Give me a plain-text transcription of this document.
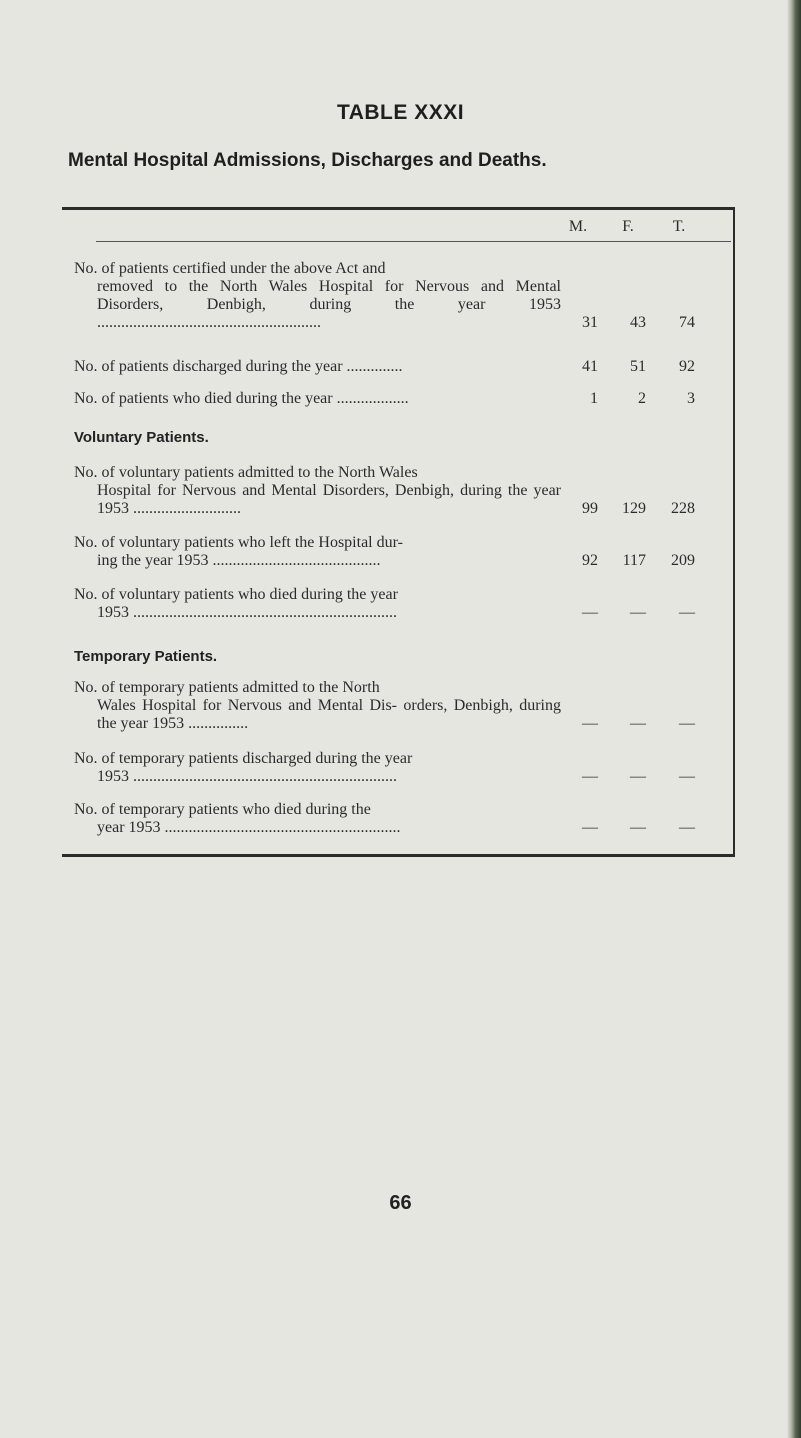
TABLE XXXI
Mental Hospital Admissions, Discharges and Deaths.
M.	F.	T.
No. of patients certified under the above Act and
removed to the North Wales Hospital for Nervous and Mental Disorders, Denbigh, during the year 1953 ........................................................	31	43	74
No. of patients discharged during the year ..............	41	51	92
No. of patients who died during the year ..................	1	2	3
Voluntary Patients.
No. of voluntary patients admitted to the North Wales
Hospital for Nervous and Mental Disorders, Denbigh, during the year 1953 ...........................	99	129	228
No. of voluntary patients who left the Hospital dur-
ing the year 1953 ..........................................	92	117	209
No. of voluntary patients who died during the year
1953 ..................................................................	—	—	—
Temporary Patients.
No. of temporary patients admitted to the North
Wales Hospital for Nervous and Mental Dis- orders, Denbigh, during the year 1953 ...............	—	—	—
No. of temporary patients discharged during the year
1953 ..................................................................	—	—	—
No. of temporary patients who died during the
year 1953 ...........................................................	—	—	—
66
